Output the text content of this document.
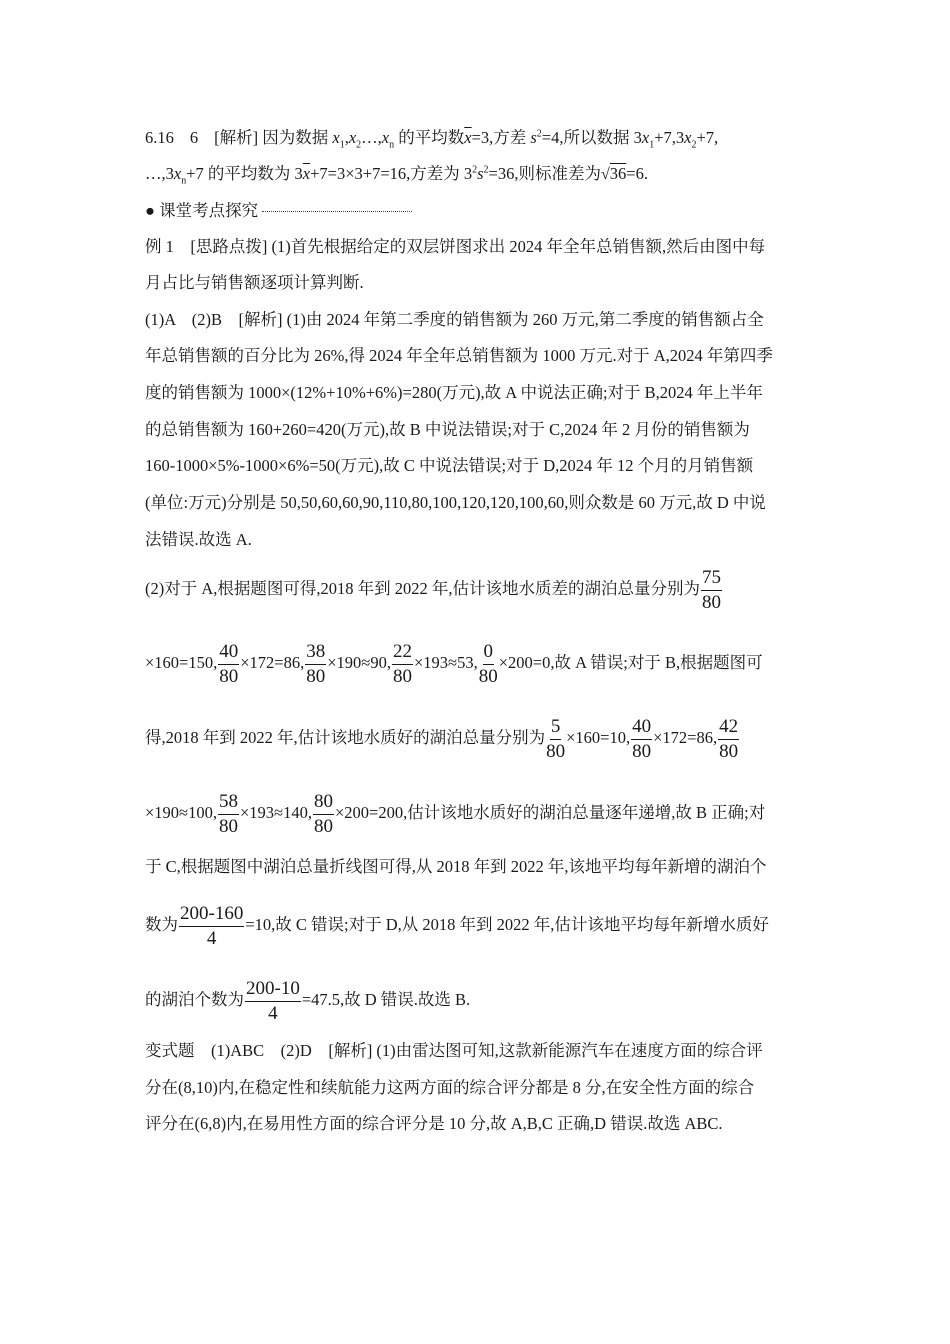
6.16 6 [解析] 因为数据 $x_1,x_2\dots,x_n$ 的平均数$\overline{x}=3$,方差 $s^2=4$,所以数据 $3x_1+7,3x_2+7$,
$\dots,3x_n+7$ 的平均数为 $3\overline{x}+7=3\times 3+7=16$,方差为 $3^2s^2=36$,则标准差为√36=6.
● 课堂考点探究
例 1　[思路点拨] (1)首先根据给定的双层饼图求出 2024 年全年总销售额,然后由图中每
月占比与销售额逐项计算判断.
(1)A　(2)B　[解析] (1)由 2024 年第二季度的销售额为 260 万元,第二季度的销售额占全
年总销售额的百分比为 26%,得 2024 年全年总销售额为 1000 万元.对于 A,2024 年第四季
度的销售额为 1000×(12%+10%+6%)=280(万元),故 A 中说法正确;对于 B,2024 年上半年
的总销售额为 160+260=420(万元),故 B 中说法错误;对于 C,2024 年 2 月份的销售额为
160-1000×5%-1000×6%=50(万元),故 C 中说法错误;对于 D,2024 年 12 个月的月销售额
(单位:万元)分别是 50,50,60,60,90,110,80,100,120,120,100,60,则众数是 60 万元,故 D 中说
法错误.故选 A.
(2)对于 A,根据题图可得,2018 年到 2022 年,估计该地水质差的湖泊总量分别为 $\frac{75}{80}$
×160=150, $\frac{40}{80} \times 172=86$, $\frac{38}{80} \times 190\approx 90$, $\frac{22}{80} \times 193\approx 53$, $\frac{0}{80} \times 200=0$,故 A 错误;对于 B,根据题图可
得,2018 年到 2022 年,估计该地水质好的湖泊总量分别为 $\frac{5}{80} \times 160=10$, $\frac{40}{80} \times 172=86$, $\frac{42}{80}$
×190≈100, $\frac{58}{80} \times 193\approx 140$, $\frac{80}{80} \times 200=200$,估计该地水质好的湖泊总量逐年递增,故 B 正确;对
于 C,根据题图中湖泊总量折线图可得,从 2018 年到 2022 年,该地平均每年新增的湖泊个
数为 $\frac{200-160}{4} =10$,故 C 错误;对于 D,从 2018 年到 2022 年,估计该地平均每年新增水质好
的湖泊个数为 $\frac{200-10}{4} =47.5$,故 D 错误.故选 B.
变式题　(1)ABC　(2)D　[解析] (1)由雷达图可知,这款新能源汽车在速度方面的综合评
分在(8,10)内,在稳定性和续航能力这两方面的综合评分都是 8 分,在安全性方面的综合
评分在(6,8)内,在易用性方面的综合评分是 10 分,故 A,B,C 正确,D 错误.故选 ABC.
